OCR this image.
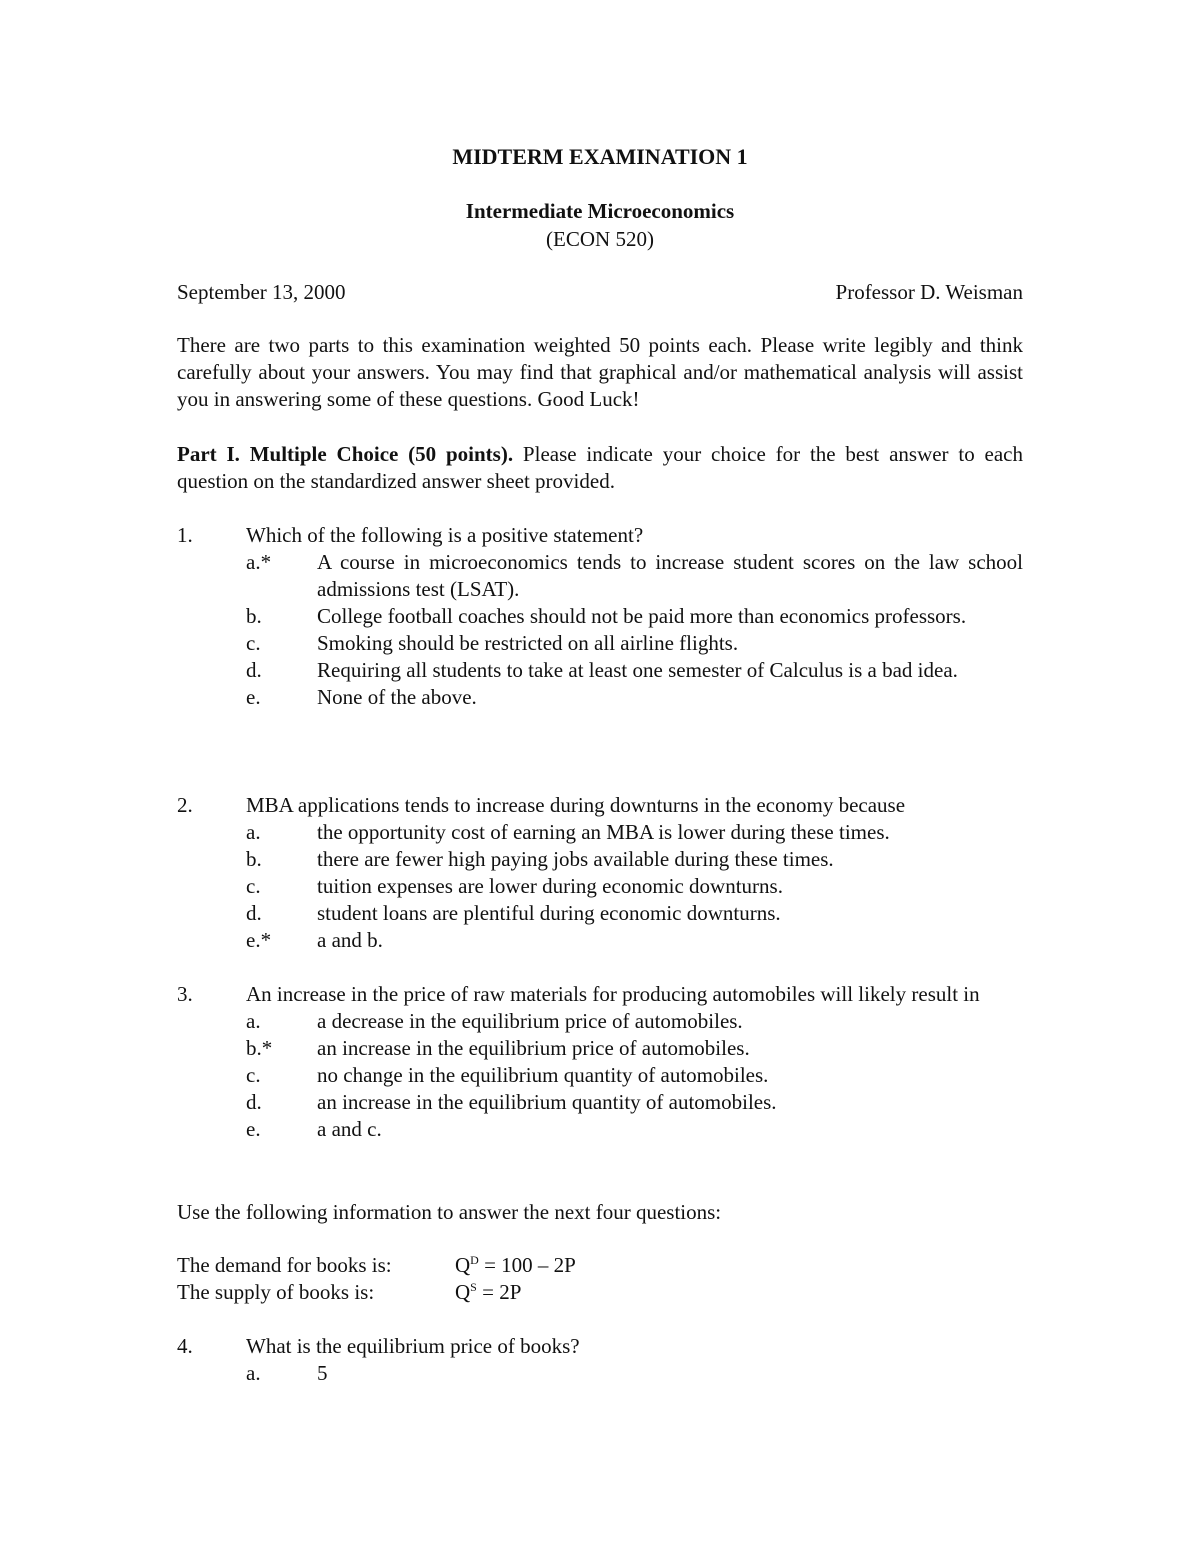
MIDTERM EXAMINATION 1
Intermediate Microeconomics
(ECON 520)
September 13, 2000	Professor D. Weisman
There are two parts to this examination weighted 50 points each. Please write legibly and think carefully about your answers. You may find that graphical and/or mathematical analysis will assist you in answering some of these questions. Good Luck!
Part I. Multiple Choice (50 points). Please indicate your choice for the best answer to each question on the standardized answer sheet provided.
1.	Which of the following is a positive statement?
a.* A course in microeconomics tends to increase student scores on the law school admissions test (LSAT).
b.	College football coaches should not be paid more than economics professors.
c.	Smoking should be restricted on all airline flights.
d.	Requiring all students to take at least one semester of Calculus is a bad idea.
e.	None of the above.
2.	MBA applications tends to increase during downturns in the economy because
a.	the opportunity cost of earning an MBA is lower during these times.
b.	there are fewer high paying jobs available during these times.
c.	tuition expenses are lower during economic downturns.
d.	student loans are plentiful during economic downturns.
e.* a and b.
3.	An increase in the price of raw materials for producing automobiles will likely result in
a.	a decrease in the equilibrium price of automobiles.
b.* an increase in the equilibrium price of automobiles.
c.	no change in the equilibrium quantity of automobiles.
d.	an increase in the equilibrium quantity of automobiles.
e.	a and c.
Use the following information to answer the next four questions:
The demand for books is:	$Q^D = 100 - 2P$
The supply of books is:	$Q^S = 2P$
4.	What is the equilibrium price of books?
a.	5
